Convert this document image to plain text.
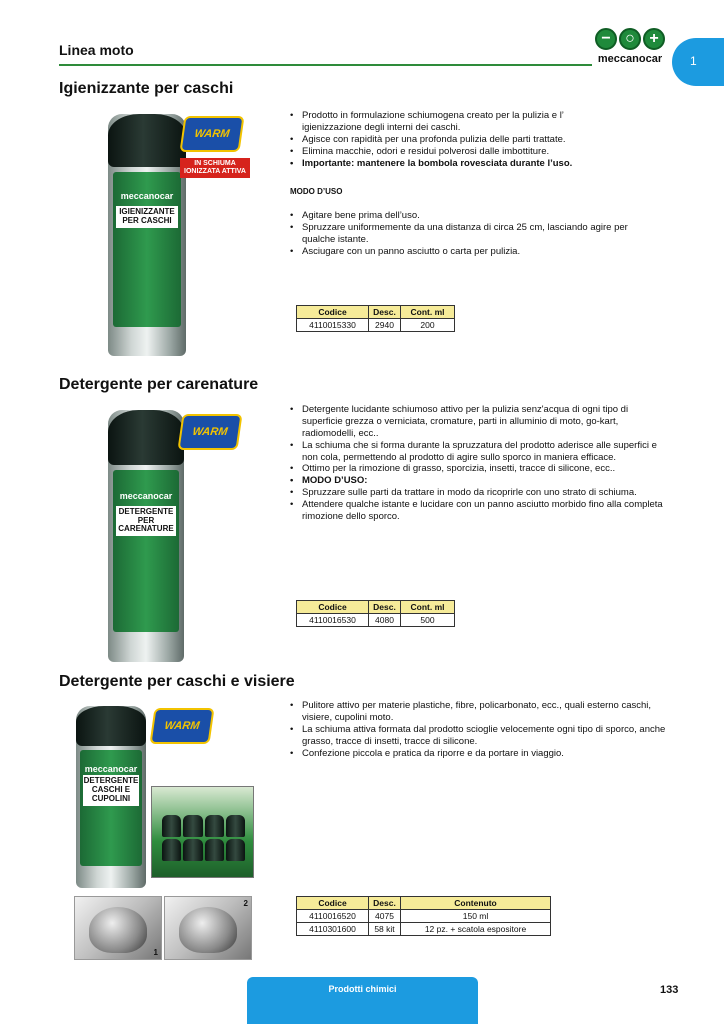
Linea moto
− ○ +
meccanocar	1
Igienizzante per caschi
meccanocar
IGIENIZZANTE PER CASCHI
WARM
IN SCHIUMA IONIZZATA ATTIVA
• Prodotto in formulazione schiumogena creato per la pulizia e l’ igienizzazione degli interni dei caschi.
• Agisce con rapidità per una profonda pulizia delle parti trattate.
• Elimina macchie, odori e residui polverosi dalle imbottiture.
• Importante: mantenere la bombola rovesciata durante l’uso.
MODO D’USO
• Agitare bene prima dell’uso.
• Spruzzare uniformemente da una distanza di circa 25 cm, lasciando agire per qualche istante.
• Asciugare con un panno asciutto o carta per pulizia.
Codice	Desc.	Cont. ml
4110015330	2940	200
Detergente per carenature
meccanocar
DETERGENTE PER CARENATURE
WARM
• Detergente lucidante schiumoso attivo per la pulizia senz'acqua di ogni tipo di superficie grezza o verniciata, cromature, parti in alluminio di moto, go-kart, radiomodelli, ecc..
• La schiuma che si forma durante la spruzzatura del prodotto aderisce alle superfici e non cola, permettendo al prodotto di agire sullo sporco in maniera efficace.
• Ottimo per la rimozione di grasso, sporcizia, insetti, tracce di silicone, ecc..
• MODO D’USO:
• Spruzzare sulle parti da trattare in modo da ricoprirle con uno strato di schiuma.
• Attendere qualche istante e lucidare con un panno asciutto morbido fino alla completa rimozione dello sporco.
Codice	Desc.	Cont. ml
4110016530	4080	500
Detergente per caschi e visiere
meccanocar
DETERGENTE CASCHI E CUPOLINI
WARM
1
2
• Pulitore attivo per materie plastiche, fibre, policarbonato, ecc., quali esterno caschi, visiere, cupolini moto.
• La schiuma attiva formata dal prodotto scioglie velocemente ogni tipo di sporco, anche grasso, tracce di insetti, tracce di silicone.
• Confezione piccola e pratica da riporre e da portare in viaggio.
Codice	Desc.	Contenuto
4110016520	4075	150 ml
4110301600	58 kit	12 pz. + scatola espositore
Prodotti chimici	133
